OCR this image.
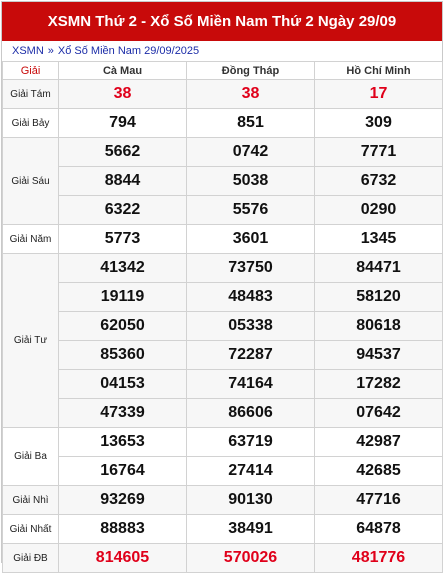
XSMN Thứ 2 - Xổ Số Miền Nam Thứ 2 Ngày 29/09
XSMN » Xổ Số Miền Nam 29/09/2025
Giải	Cà Mau	Đồng Tháp	Hồ Chí Minh
Giải Tám	38	38	17
Giải Bảy	794	851	309
Giải Sáu	5662	0742	7771
	8844	5038	6732
	6322	5576	0290
Giải Năm	5773	3601	1345
Giải Tư	41342	73750	84471
	19119	48483	58120
	62050	05338	80618
	85360	72287	94537
	04153	74164	17282
	47339	86606	07642
Giải Ba	13653	63719	42987
	16764	27414	42685
Giải Nhì	93269	90130	47716
Giải Nhất	88883	38491	64878
Giải ĐB	814605	570026	481776
